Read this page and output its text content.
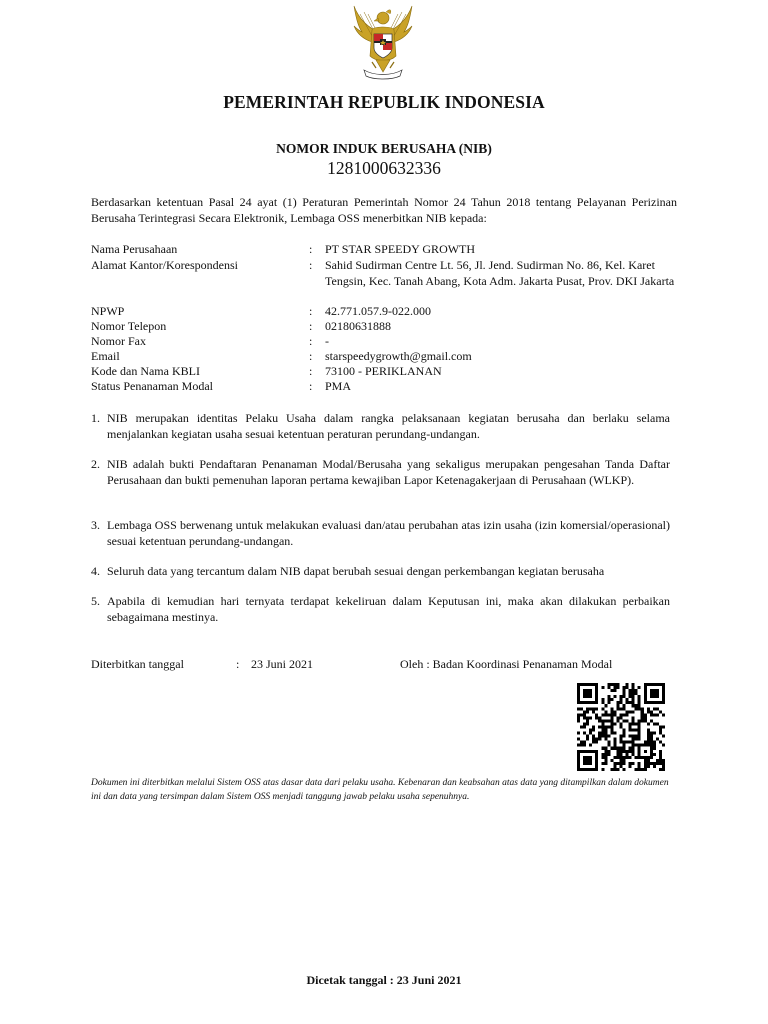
PEMERINTAH REPUBLIK INDONESIA
NOMOR INDUK BERUSAHA (NIB)
1281000632336
Berdasarkan ketentuan Pasal 24 ayat (1) Peraturan Pemerintah Nomor 24 Tahun 2018 tentang Pelayanan Perizinan Berusaha Terintegrasi Secara Elektronik, Lembaga OSS menerbitkan NIB kepada:
Nama Perusahaan	:	PT STAR SPEEDY GROWTH
Alamat Kantor/Korespondensi	:	Sahid Sudirman Centre Lt. 56, Jl. Jend. Sudirman No. 86, Kel. Karet Tengsin, Kec. Tanah Abang, Kota Adm. Jakarta Pusat, Prov. DKI Jakarta
NPWP	:	42.771.057.9-022.000
Nomor Telepon	:	02180631888
Nomor Fax	:	-
Email	:	starspeedygrowth@gmail.com
Kode dan Nama KBLI	:	73100 - PERIKLANAN
Status Penanaman Modal	:	PMA
1. NIB merupakan identitas Pelaku Usaha dalam rangka pelaksanaan kegiatan berusaha dan berlaku selama menjalankan kegiatan usaha sesuai ketentuan peraturan perundang-undangan.
2. NIB adalah bukti Pendaftaran Penanaman Modal/Berusaha yang sekaligus merupakan pengesahan Tanda Daftar Perusahaan dan bukti pemenuhan laporan pertama kewajiban Lapor Ketenagakerjaan di Perusahaan (WLKP).
3. Lembaga OSS berwenang untuk melakukan evaluasi dan/atau perubahan atas izin usaha (izin komersial/operasional) sesuai ketentuan perundang-undangan.
4. Seluruh data yang tercantum dalam NIB dapat berubah sesuai dengan perkembangan kegiatan berusaha
5. Apabila di kemudian hari ternyata terdapat kekeliruan dalam Keputusan ini, maka akan dilakukan perbaikan sebagaimana mestinya.
Diterbitkan tanggal	: 23 Juni 2021	Oleh : Badan Koordinasi Penanaman Modal
Dokumen ini diterbitkan melalui Sistem OSS atas dasar data dari pelaku usaha. Kebenaran dan keabsahan atas data yang ditampilkan dalam dokumen ini dan data yang tersimpan dalam Sistem OSS menjadi tanggung jawab pelaku usaha sepenuhnya.
Dicetak tanggal : 23 Juni 2021
